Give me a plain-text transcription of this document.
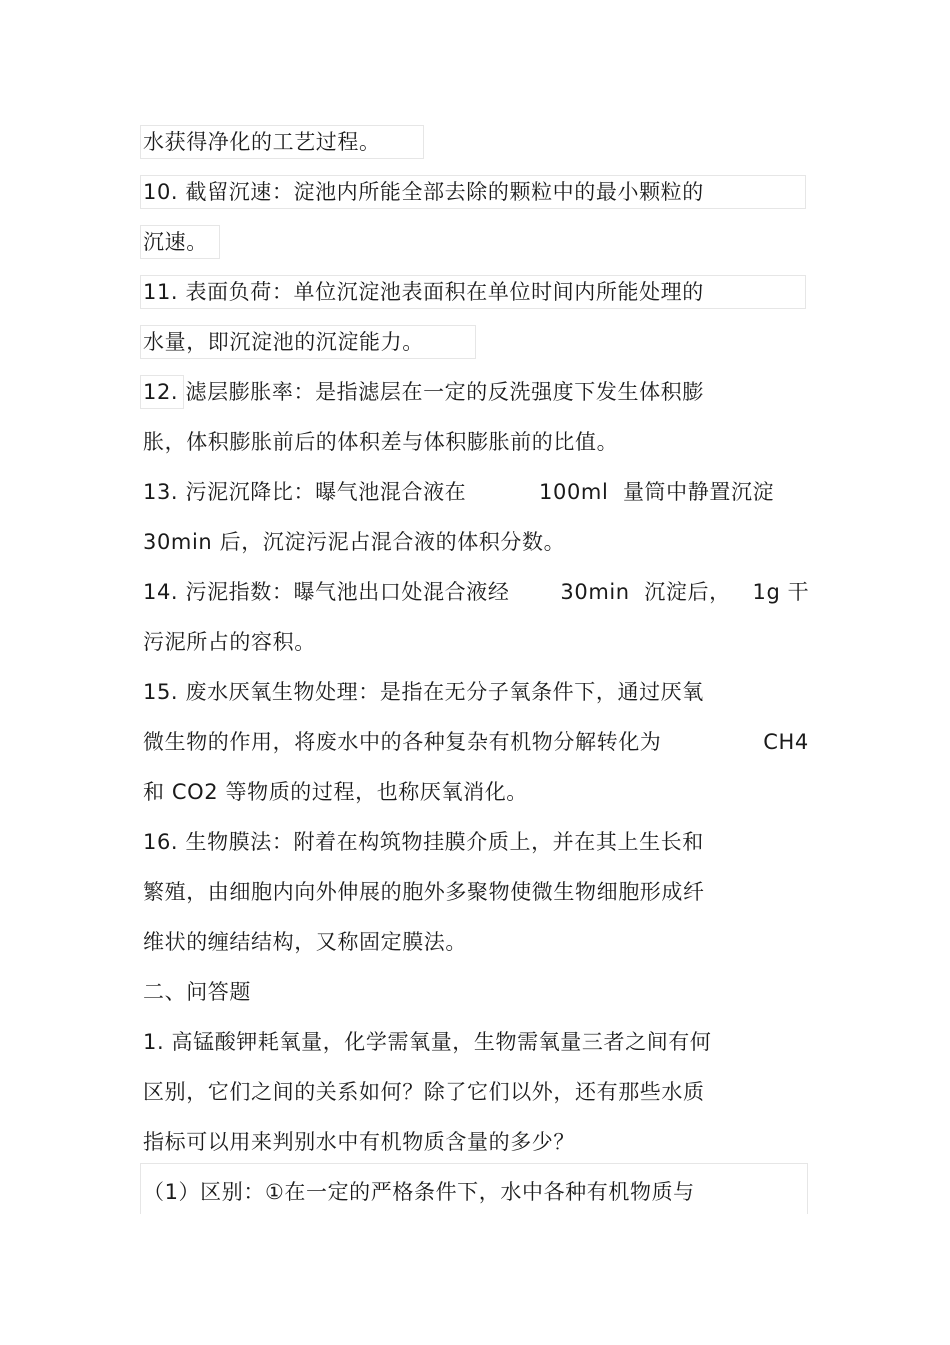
水获得净化的工艺过程。
10. 截留沉速：淀池内所能全部去除的颗粒中的最小颗粒的
沉速。
11. 表面负荷：单位沉淀池表面积在单位时间内所能处理的
水量，即沉淀池的沉淀能力。
12. 滤层膨胀率：是指滤层在一定的反洗强度下发生体积膨
胀，体积膨胀前后的体积差与体积膨胀前的比值。
13. 污泥沉降比：曝气池混合液在          100ml  量筒中静置沉淀
30min 后，沉淀污泥占混合液的体积分数。
14. 污泥指数：曝气池出口处混合液经       30min  沉淀后，   1g 干
污泥所占的容积。
15. 废水厌氧生物处理：是指在无分子氧条件下，通过厌氧
微生物的作用，将废水中的各种复杂有机物分解转化为              CH4
和 CO2 等物质的过程，也称厌氧消化。
16. 生物膜法：附着在构筑物挂膜介质上，并在其上生长和
繁殖，由细胞内向外伸展的胞外多聚物使微生物细胞形成纤
维状的缠结结构，又称固定膜法。
二、问答题
1. 高锰酸钾耗氧量，化学需氧量，生物需氧量三者之间有何
区别，它们之间的关系如何？除了它们以外，还有那些水质
指标可以用来判别水中有机物质含量的多少？
（1）区别：①在一定的严格条件下，水中各种有机物质与
